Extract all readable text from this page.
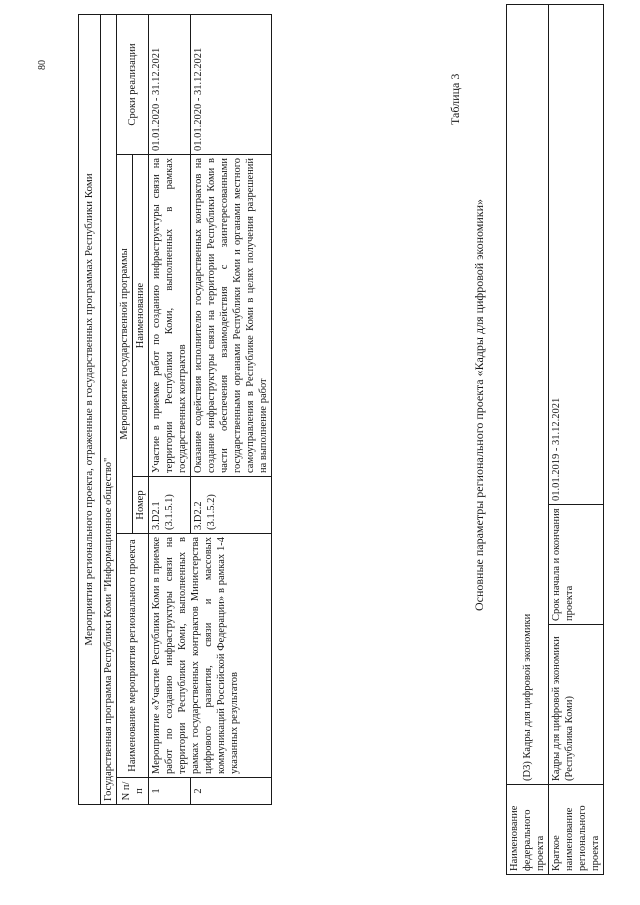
80
Мероприятия регионального проекта, отраженные в государственных программах Республики Коми				
Государственная программа Республики Коми "Информационное общество"				
N п/п	Наименование мероприятия регионального проекта	Мероприятие государственной программы		Сроки реализации
		Номер	Наименование	
1	Мероприятие «Участие Республики Коми в приемке работ по созданию инфраструктуры связи на территории Республики Коми, выполненных в рамках государственных контрактов Министерства цифрового развития, связи и массовых коммуникаций Российской Федерации» в рамках 1-4 указанных результатов	3.D2.1 (3.1.5.1)	Участие в приемке работ по созданию инфраструктуры связи на территории Республики Коми, выполненных в рамках государственных контрактов	01.01.2020 - 31.12.2021
2		3.D2.2 (3.1.5.2)	Оказание содействия исполнителю государственных контрактов на создание инфраструктуры связи на территории Республики Коми в части обеспечения взаимодействия с заинтересованными государственными органами Республики Коми и органами местного самоуправления в Республике Коми в целях получения разрешений на выполнение работ	01.01.2020 - 31.12.2021	Таблица 3
Основные параметры регионального проекта «Кадры для цифровой экономики»
Наименование федерального проекта	(D3) Кадры для цифровой экономики		
Краткое наименование регионального проекта	Кадры для цифровой экономики (Республика Коми)	Срок начала и окончания проекта	01.01.2019 - 31.12.2021
